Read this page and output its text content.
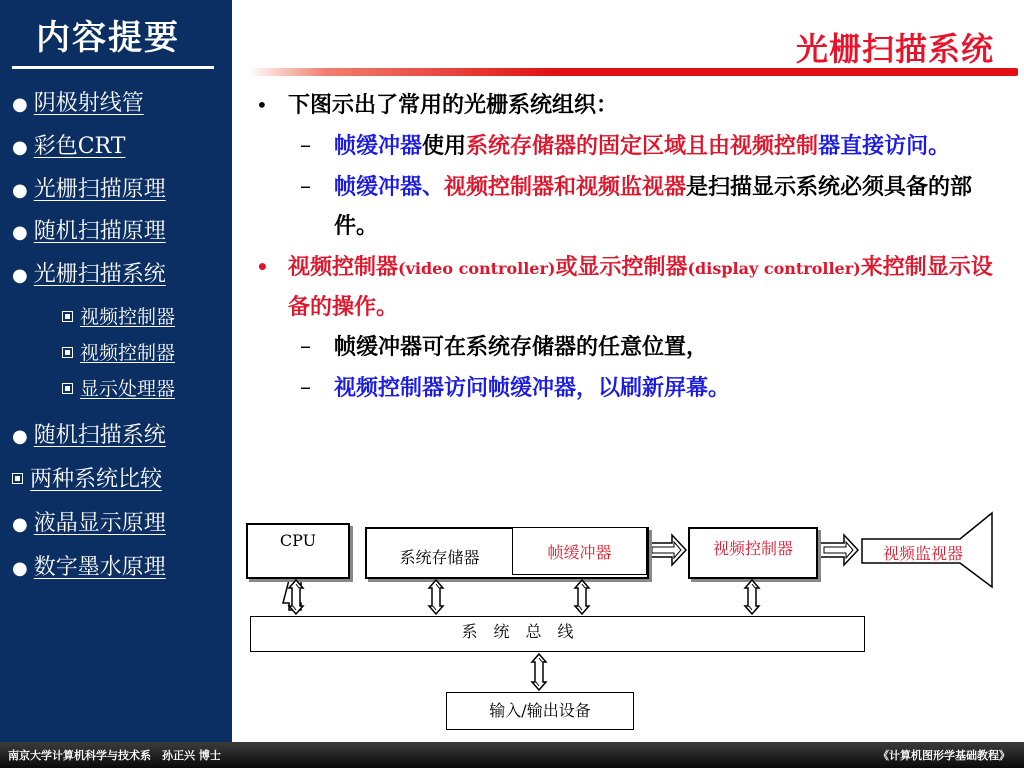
内容提要
● 阴极射线管
● 彩色CRT
● 光栅扫描原理
● 随机扫描原理
● 光栅扫描系统
视频控制器
视频控制器
显示处理器
● 随机扫描系统
两种系统比较
● 液晶显示原理
● 数字墨水原理
光栅扫描系统
• 下图示出了常用的光栅系统组织：
– 帧缓冲器使用系统存储器的固定区域且由视频控制器直接访问。
– 帧缓冲器、视频控制器和视频监视器是扫描显示系统必须具备的部件。
• 视频控制器(video controller)或显示控制器(display controller)来控制显示设备的操作。
– 帧缓冲器可在系统存储器的任意位置，
– 视频控制器访问帧缓冲器，以刷新屏幕。
CPU
系统存储器	帧缓冲器	视频控制器	视频监视器
系　统　总　线
输入/输出设备
南京大学计算机科学与技术系　孙正兴 博士	《计算机图形学基础教程》
